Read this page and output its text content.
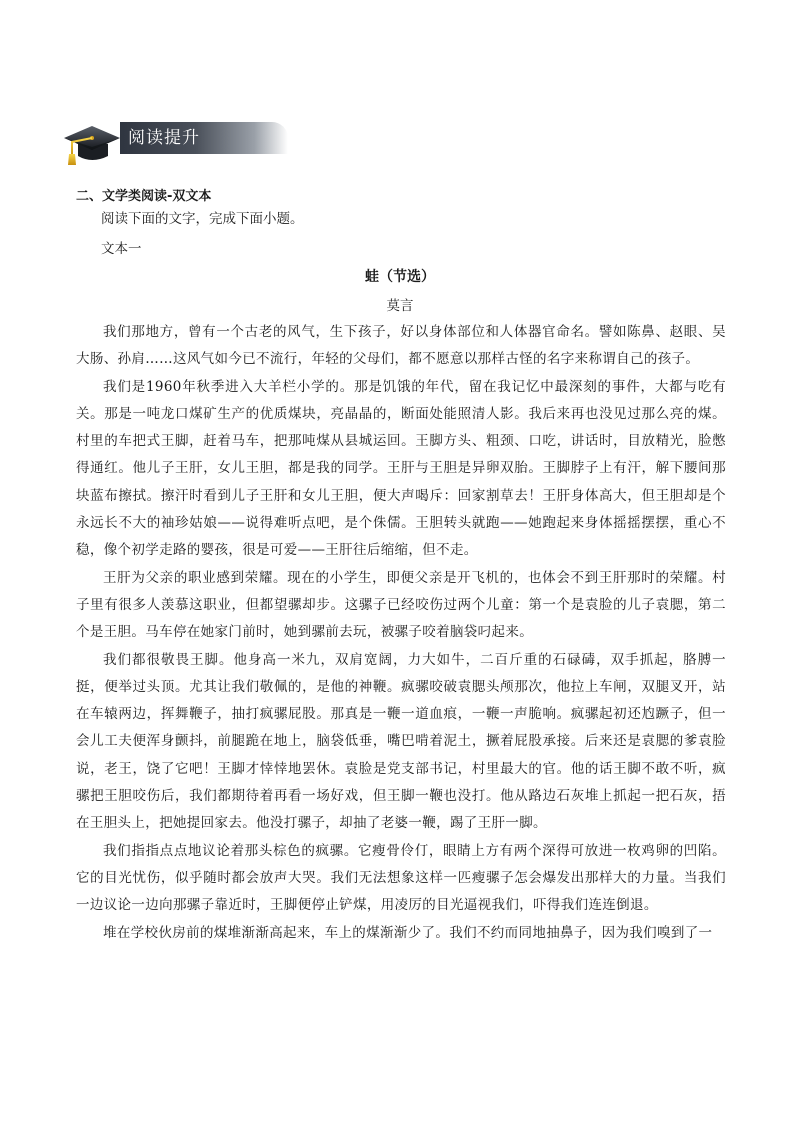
阅读提升
二、文学类阅读-双文本
阅读下面的文字，完成下面小题。
文本一
蛙（节选）
莫言

我们那地方，曾有一个古老的风气，生下孩子，好以身体部位和人体器官命名。譬如陈鼻、赵眼、吴大肠、孙肩……这风气如今已不流行，年轻的父母们，都不愿意以那样古怪的名字来称谓自己的孩子。

我们是1960年秋季进入大羊栏小学的。那是饥饿的年代，留在我记忆中最深刻的事件，大都与吃有关。那是一吨龙口煤矿生产的优质煤块，亮晶晶的，断面处能照清人影。我后来再也没见过那么亮的煤。村里的车把式王脚，赶着马车，把那吨煤从县城运回。王脚方头、粗颈、口吃，讲话时，目放精光，脸憋得通红。他儿子王肝，女儿王胆，都是我的同学。王肝与王胆是异卵双胎。王脚脖子上有汗，解下腰间那块蓝布擦拭。擦汗时看到儿子王肝和女儿王胆，便大声喝斥：回家割草去！王肝身体高大，但王胆却是个永远长不大的袖珍姑娘——说得难听点吧，是个侏儒。王胆转头就跑——她跑起来身体摇摇摆摆，重心不稳，像个初学走路的婴孩，很是可爱——王肝往后缩缩，但不走。

王肝为父亲的职业感到荣耀。现在的小学生，即便父亲是开飞机的，也体会不到王肝那时的荣耀。村子里有很多人羡慕这职业，但都望骡却步。这骡子已经咬伤过两个儿童：第一个是袁脸的儿子袁腮，第二个是王胆。马车停在她家门前时，她到骡前去玩，被骡子咬着脑袋叼起来。

我们都很敬畏王脚。他身高一米九，双肩宽阔，力大如牛，二百斤重的石碌碡，双手抓起，胳膊一挺，便举过头顶。尤其让我们敬佩的，是他的神鞭。疯骡咬破袁腮头颅那次，他拉上车闸，双腿叉开，站在车辕两边，挥舞鞭子，抽打疯骡屁股。那真是一鞭一道血痕，一鞭一声脆响。疯骡起初还尥蹶子，但一会儿工夫便浑身颤抖，前腿跪在地上，脑袋低垂，嘴巴啃着泥土，撅着屁股承接。后来还是袁腮的爹袁脸说，老王，饶了它吧！王脚才悻悻地罢休。袁脸是党支部书记，村里最大的官。他的话王脚不敢不听，疯骡把王胆咬伤后，我们都期待着再看一场好戏，但王脚一鞭也没打。他从路边石灰堆上抓起一把石灰，捂在王胆头上，把她提回家去。他没打骡子，却抽了老婆一鞭，踢了王肝一脚。

我们指指点点地议论着那头棕色的疯骡。它瘦骨伶仃，眼睛上方有两个深得可放进一枚鸡卵的凹陷。它的目光忧伤，似乎随时都会放声大哭。我们无法想象这样一匹瘦骡子怎会爆发出那样大的力量。当我们一边议论一边向那骡子靠近时，王脚便停止铲煤，用凌厉的目光逼视我们，吓得我们连连倒退。

堆在学校伙房前的煤堆渐渐高起来，车上的煤渐渐少了。我们不约而同地抽鼻子，因为我们嗅到了一
